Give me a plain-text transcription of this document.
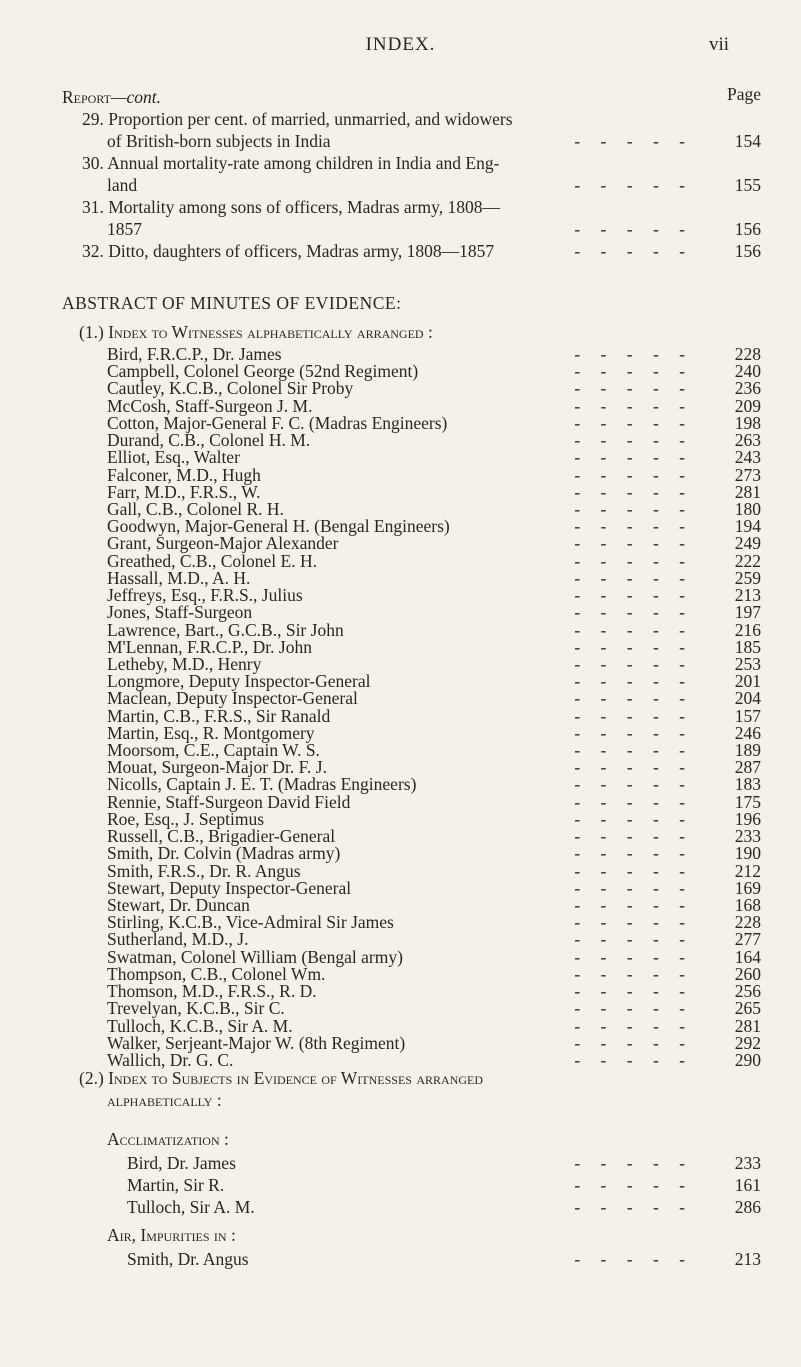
INDEX.	vii
Report—cont.	Page
29. Proportion per cent. of married, unmarried, and widowers
of British-born subjects in India	- - - - -	154
30. Annual mortality-rate among children in India and Eng-
land	- - - - -	155
31. Mortality among sons of officers, Madras army, 1808—
1857	- - - - -	156
32. Ditto, daughters of officers, Madras army, 1808—1857	- - - - -	156
ABSTRACT OF MINUTES OF EVIDENCE:
(1.) Index to Witnesses alphabetically arranged :
Bird, F.R.C.P., Dr. James	- - - - -	228
Campbell, Colonel George (52nd Regiment)	- - - - -	240
Cautley, K.C.B., Colonel Sir Proby	- - - - -	236
McCosh, Staff-Surgeon J. M.	- - - - -	209
Cotton, Major-General F. C. (Madras Engineers)	- - - - -	198
Durand, C.B., Colonel H. M.	- - - - -	263
Elliot, Esq., Walter	- - - - -	243
Falconer, M.D., Hugh	- - - - -	273
Farr, M.D., F.R.S., W.	- - - - -	281
Gall, C.B., Colonel R. H.	- - - - -	180
Goodwyn, Major-General H. (Bengal Engineers)	- - - - -	194
Grant, Surgeon-Major Alexander	- - - - -	249
Greathed, C.B., Colonel E. H.	- - - - -	222
Hassall, M.D., A. H.	- - - - -	259
Jeffreys, Esq., F.R.S., Julius	- - - - -	213
Jones, Staff-Surgeon	- - - - -	197
Lawrence, Bart., G.C.B., Sir John	- - - - -	216
M'Lennan, F.R.C.P., Dr. John	- - - - -	185
Letheby, M.D., Henry	- - - - -	253
Longmore, Deputy Inspector-General	- - - - -	201
Maclean, Deputy Inspector-General	- - - - -	204
Martin, C.B., F.R.S., Sir Ranald	- - - - -	157
Martin, Esq., R. Montgomery	- - - - -	246
Moorsom, C.E., Captain W. S.	- - - - -	189
Mouat, Surgeon-Major Dr. F. J.	- - - - -	287
Nicolls, Captain J. E. T. (Madras Engineers)	- - - - -	183
Rennie, Staff-Surgeon David Field	- - - - -	175
Roe, Esq., J. Septimus	- - - - -	196
Russell, C.B., Brigadier-General	- - - - -	233
Smith, Dr. Colvin (Madras army)	- - - - -	190
Smith, F.R.S., Dr. R. Angus	- - - - -	212
Stewart, Deputy Inspector-General	- - - - -	169
Stewart, Dr. Duncan	- - - - -	168
Stirling, K.C.B., Vice-Admiral Sir James	- - - - -	228
Sutherland, M.D., J.	- - - - -	277
Swatman, Colonel William (Bengal army)	- - - - -	164
Thompson, C.B., Colonel Wm.	- - - - -	260
Thomson, M.D., F.R.S., R. D.	- - - - -	256
Trevelyan, K.C.B., Sir C.	- - - - -	265
Tulloch, K.C.B., Sir A. M.	- - - - -	281
Walker, Serjeant-Major W. (8th Regiment)	- - - - -	292
Wallich, Dr. G. C.	- - - - -	290
(2.) Index to Subjects in Evidence of Witnesses arranged
alphabetically :
Acclimatization :
Bird, Dr. James	- - - - -	233
Martin, Sir R.	- - - - -	161
Tulloch, Sir A. M.	- - - - -	286
Air, Impurities in :
Smith, Dr. Angus	- - - - -	213
